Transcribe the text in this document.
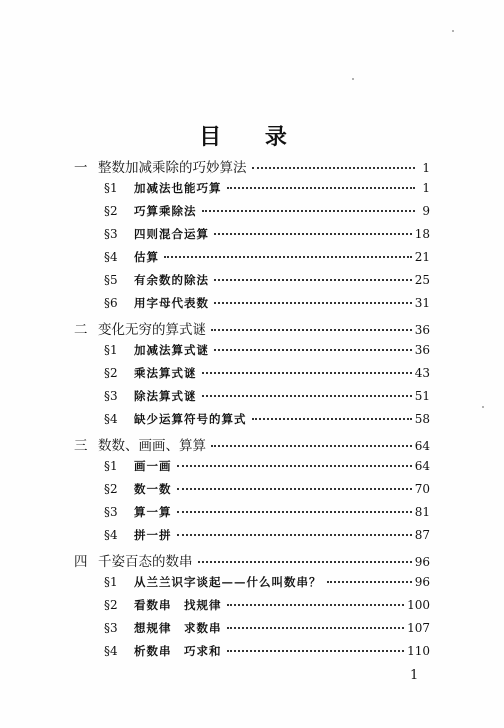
目 录
一 整数加减乘除的巧妙算法	1
§1	加减法也能巧算	1
§2	巧算乘除法	9
§3	四则混合运算	18
§4	估算	21
§5	有余数的除法	25
§6	用字母代表数	31
二 变化无穷的算式谜	36
§1	加减法算式谜	36
§2	乘法算式谜	43
§3	除法算式谜	51
§4	缺少运算符号的算式	58
三 数数、画画、算算	64
§1	画一画	64
§2	数一数	70
§3	算一算	81
§4	拼一拼	87
四 千姿百态的数串	96
§1	从兰兰识字谈起——什么叫数串？	96
§2	看数串　找规律	100
§3	想规律　求数串	107
§4	析数串　巧求和	110
1
